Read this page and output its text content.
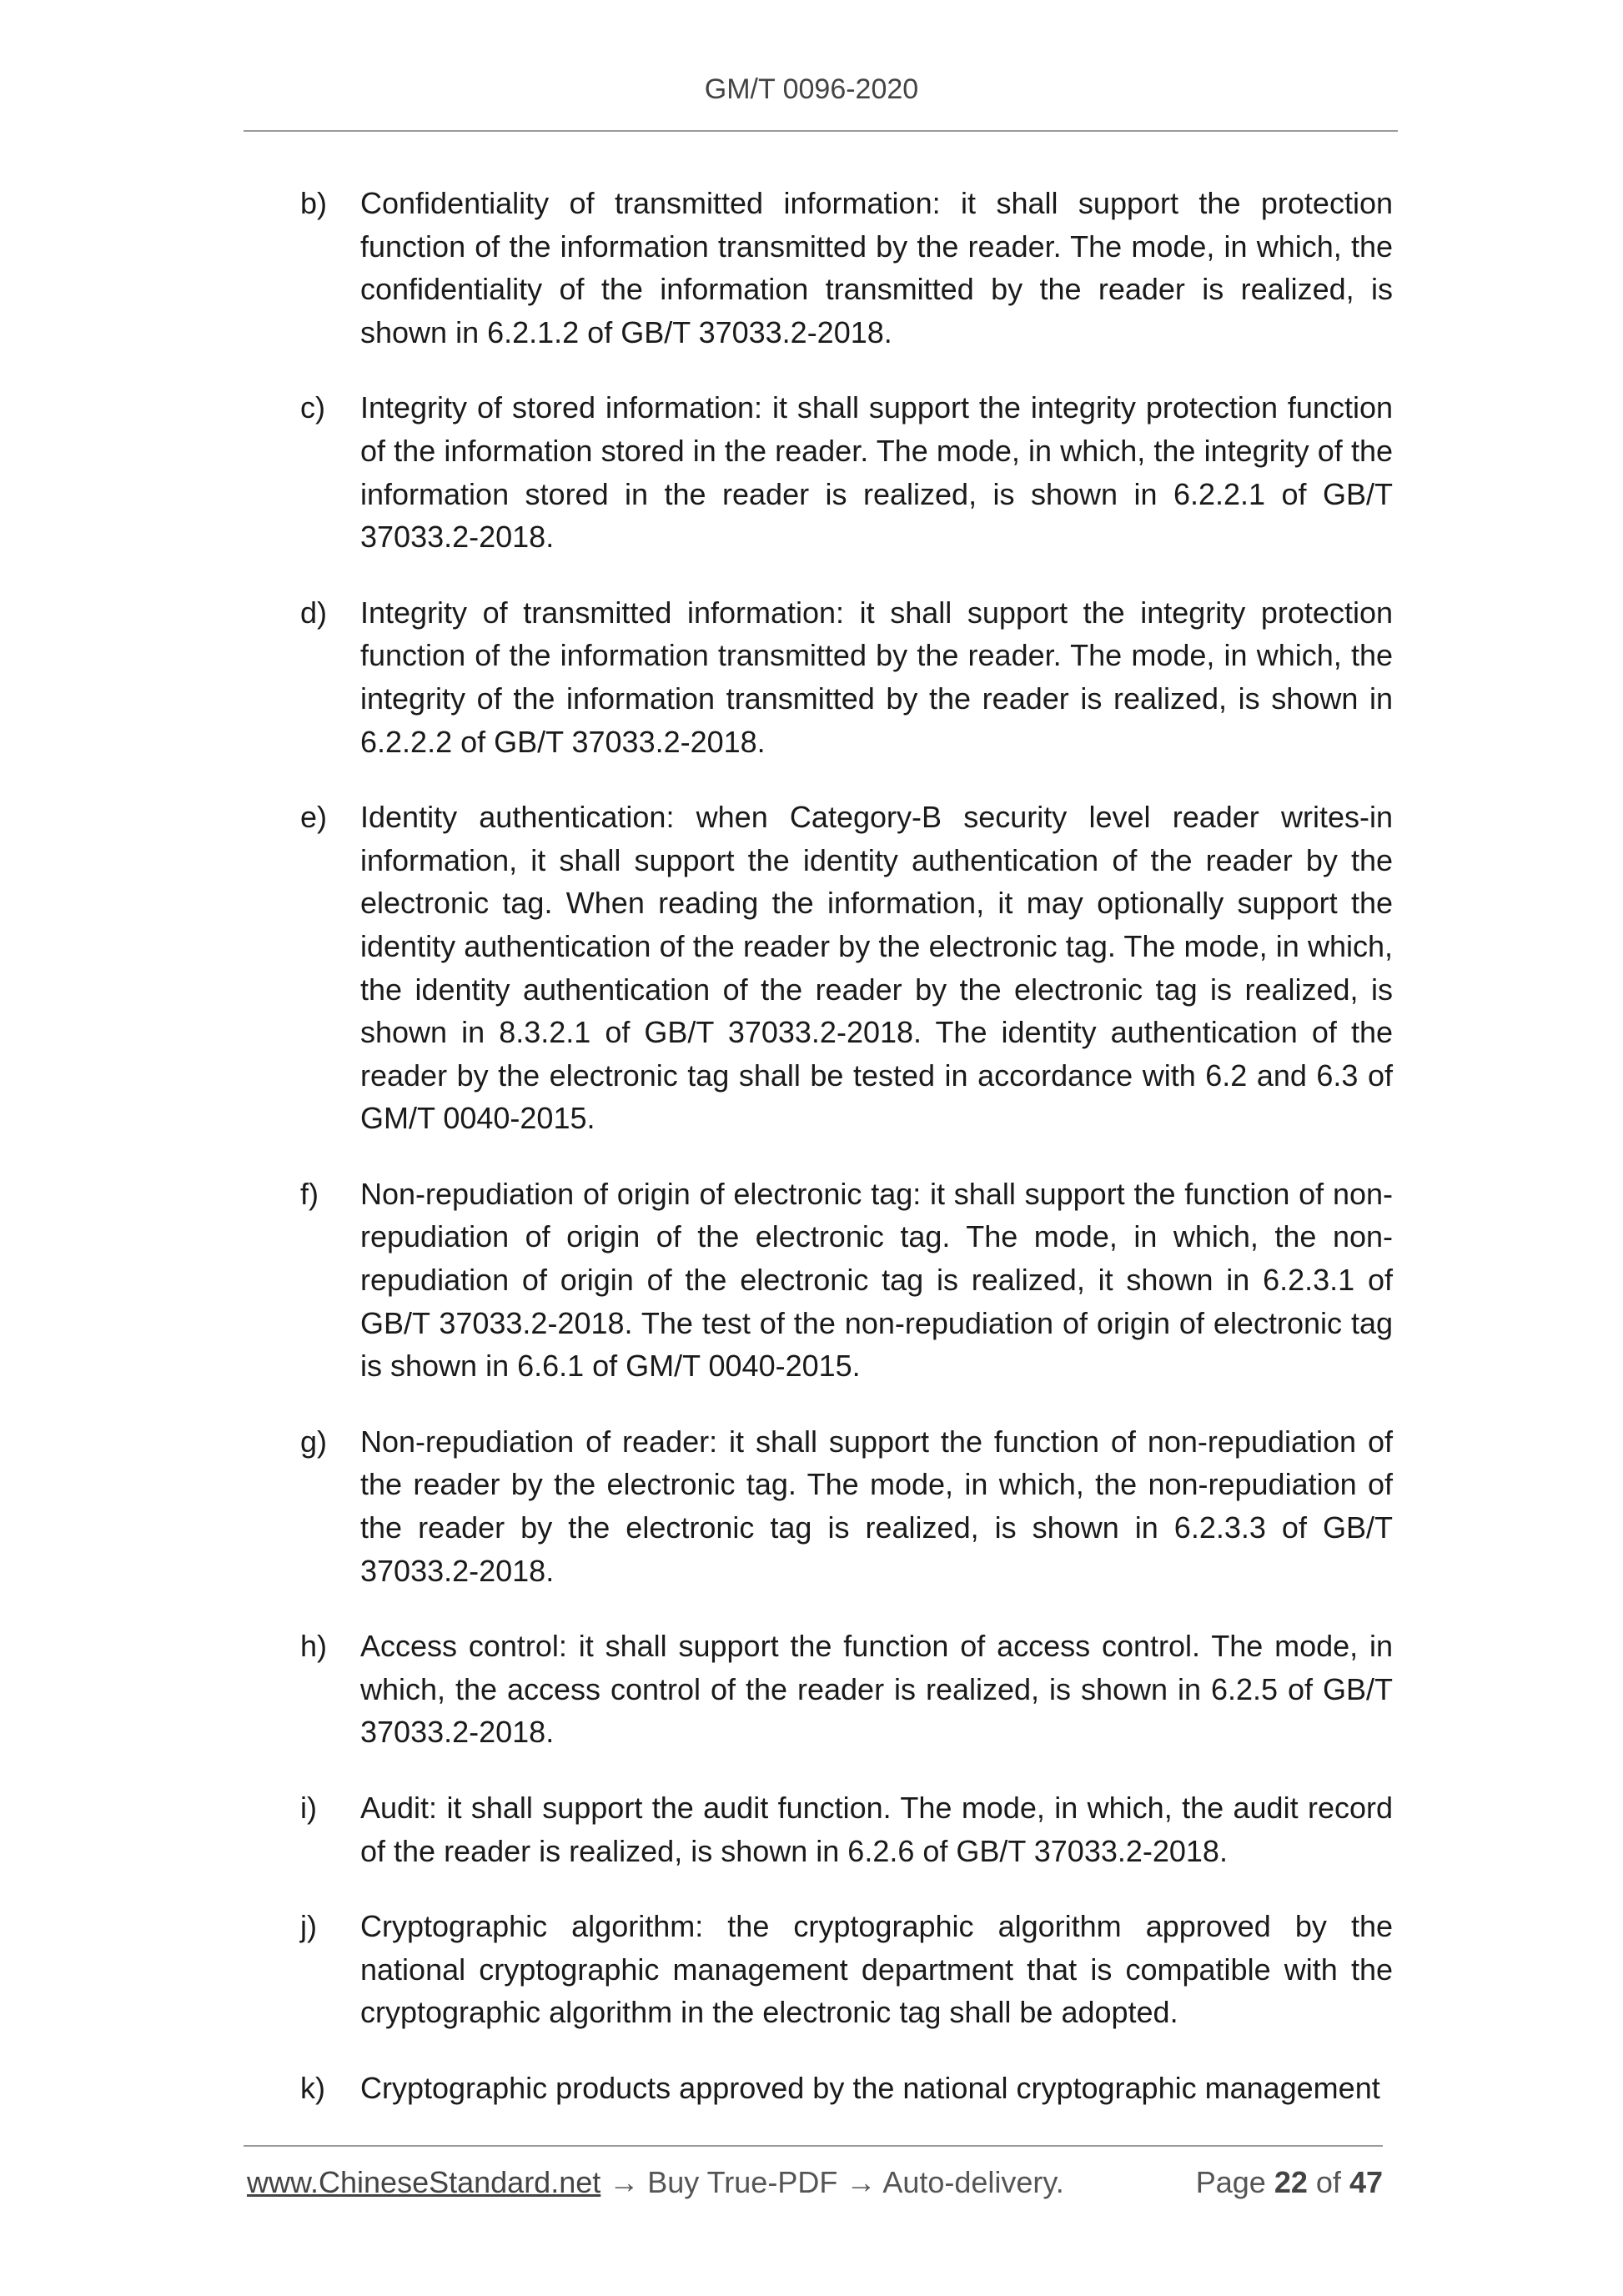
GM/T 0096-2020
b)	Confidentiality of transmitted information: it shall support the protection function of the information transmitted by the reader. The mode, in which, the confidentiality of the information transmitted by the reader is realized, is shown in 6.2.1.2 of GB/T 37033.2-2018.
c)	Integrity of stored information: it shall support the integrity protection function of the information stored in the reader. The mode, in which, the integrity of the information stored in the reader is realized, is shown in 6.2.2.1 of GB/T 37033.2-2018.
d)	Integrity of transmitted information: it shall support the integrity protection function of the information transmitted by the reader. The mode, in which, the integrity of the information transmitted by the reader is realized, is shown in 6.2.2.2 of GB/T 37033.2-2018.
e)	Identity authentication: when Category-B security level reader writes-in information, it shall support the identity authentication of the reader by the electronic tag. When reading the information, it may optionally support the identity authentication of the reader by the electronic tag. The mode, in which, the identity authentication of the reader by the electronic tag is realized, is shown in 8.3.2.1 of GB/T 37033.2-2018. The identity authentication of the reader by the electronic tag shall be tested in accordance with 6.2 and 6.3 of GM/T 0040-2015.
f)	Non-repudiation of origin of electronic tag: it shall support the function of non-repudiation of origin of the electronic tag. The mode, in which, the non-repudiation of origin of the electronic tag is realized, it shown in 6.2.3.1 of GB/T 37033.2-2018. The test of the non-repudiation of origin of electronic tag is shown in 6.6.1 of GM/T 0040-2015.
g)	Non-repudiation of reader: it shall support the function of non-repudiation of the reader by the electronic tag. The mode, in which, the non-repudiation of the reader by the electronic tag is realized, is shown in 6.2.3.3 of GB/T 37033.2-2018.
h)	Access control: it shall support the function of access control. The mode, in which, the access control of the reader is realized, is shown in 6.2.5 of GB/T 37033.2-2018.
i)	Audit: it shall support the audit function. The mode, in which, the audit record of the reader is realized, is shown in 6.2.6 of GB/T 37033.2-2018.
j)	Cryptographic algorithm: the cryptographic algorithm approved by the national cryptographic management department that is compatible with the cryptographic algorithm in the electronic tag shall be adopted.
k)	Cryptographic products approved by the national cryptographic management
www.ChineseStandard.net → Buy True-PDF → Auto-delivery.	Page 22 of 47
